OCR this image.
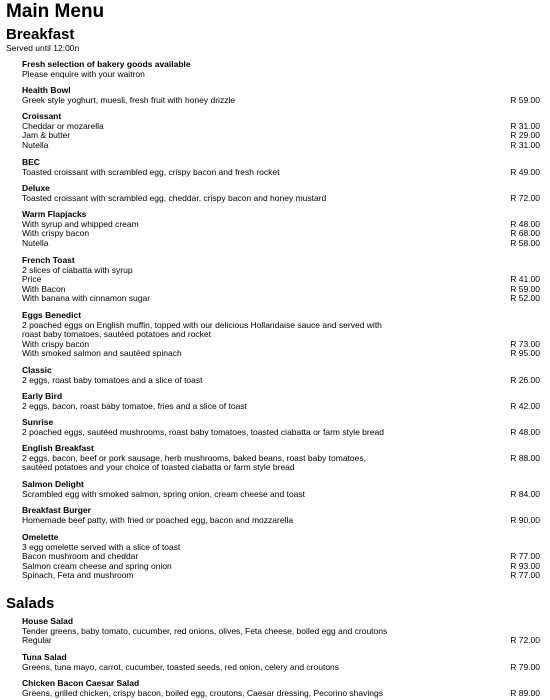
Main Menu
Breakfast
Served until 12:00n
Fresh selection of bakery goods available
Please enquire with your waitron
Health Bowl
Greek style yoghurt, muesli, fresh fruit with honey drizzle	R 59.00
Croissant
Cheddar or mozarella	R 31.00
Jam & butter	R 29.00
Nutella	R 31.00
BEC
Toasted croissant with scrambled egg, crispy bacon and fresh rocket	R 49.00
Deluxe
Toasted croissant with scrambled egg, cheddar, crispy bacon and honey mustard	R 72.00
Warm Flapjacks
With syrup and whipped cream	R 48.00
With crispy bacon	R 68.00
Nutella	R 58.00
French Toast
2 slices of ciabatta with syrup
Price	R 41.00
With Bacon	R 59.00
With banana with cinnamon sugar	R 52.00
Eggs Benedict
2 poached eggs on English muffin, topped with our delicious Hollandaise sauce and served with
roast baby tomatoes, sautéed potatoes and rocket
With crispy bacon	R 73.00
With smoked salmon and sautéed spinach	R 95.00
Classic
2 eggs, roast baby tomatoes and a slice of toast	R 26.00
Early Bird
2 eggs, bacon, roast baby tomatoe, fries and a slice of toast	R 42.00
Sunrise
2 poached eggs, sautéed mushrooms, roast baby tomatoes, toasted ciabatta or farm style bread	R 48.00
English Breakfast
2 eggs, bacon, beef or pork sausage, herb mushrooms, baked beans, roast baby tomatoes,	R 88.00
sautéed potatoes and your choice of toasted ciabatta or farm style bread
Salmon Delight
Scrambled egg with smoked salmon, spring onion, cream cheese and toast	R 84.00
Breakfast Burger
Homemade beef patty, with fried or poached egg, bacon and mozzarella	R 90.00
Omelette
3 egg omelette served with a slice of toast
Bacon mushroom and cheddar	R 77.00
Salmon cream cheese and spring onion	R 93.00
Spinach, Feta and mushroom	R 77.00
Salads
House Salad
Tender greens, baby tomato, cucumber, red onions, olives, Feta cheese, boiled egg and croutons
Regular	R 72.00
Tuna Salad
Greens, tuna mayo, carrot, cucumber, toasted seeds, red onion, celery and croutons	R 79.00
Chicken Bacon Caesar Salad
Greens, grilled chicken, crispy bacon, boiled egg, croutons, Caesar dressing, Pecorino shavings	R 89.00
